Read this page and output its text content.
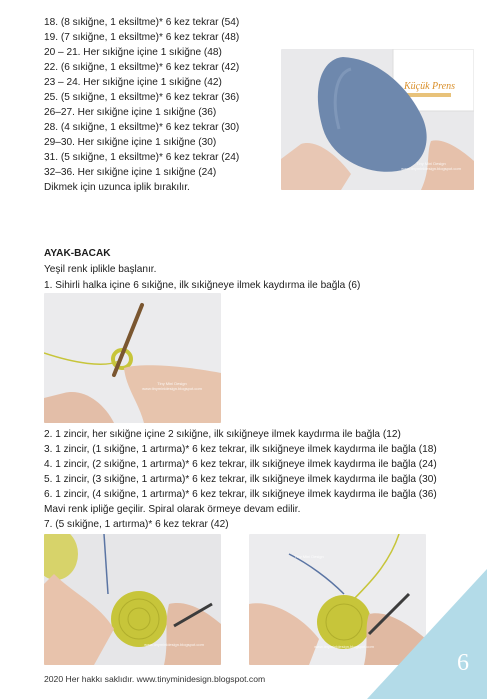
18. (8 sıkiğne, 1 eksiltme)* 6 kez tekrar (54)
19. (7 sıkiğne, 1 eksiltme)* 6 kez tekrar (48)
20 – 21. Her sıkiğne içine 1 sıkiğne (48)
22. (6 sıkiğne, 1 eksiltme)* 6 kez tekrar (42)
23 – 24. Her sıkiğne içine 1 sıkiğne (42)
25. (5 sıkiğne, 1 eksiltme)* 6 kez tekrar (36)
26–27. Her sıkiğne içine 1 sıkiğne (36)
28. (4 sıkiğne, 1 eksiltme)* 6 kez tekrar (30)
29–30. Her sıkiğne içine 1 sıkiğne (30)
31. (5 sıkiğne, 1 eksiltme)* 6 kez tekrar (24)
32–36. Her sıkiğne içine 1 sıkiğne (24)
Dikmek için uzunca iplik bırakılır.
Küçük Prens
Tiny Mini Design
www.tinyminidesign.blogspot.com
AYAK-BACAK
Yeşil renk iplikle başlanır.
1. Sihirli halka içine 6 sıkiğne, ilk sıkiğneye ilmek kaydırma ile bağla (6)
Tiny Mini Design
www.tinyminidesign.blogspot.com
2. 1 zincir, her sıkiğne içine 2 sıkiğne, ilk sıkiğneye ilmek kaydırma ile bağla (12)
3. 1 zincir, (1 sıkiğne, 1 artırma)* 6 kez tekrar, ilk sıkiğneye ilmek kaydırma ile bağla (18)
4. 1 zincir, (2 sıkiğne, 1 artırma)* 6 kez tekrar, ilk sıkiğneye ilmek kaydırma ile bağla (24)
5. 1 zincir, (3 sıkiğne, 1 artırma)* 6 kez tekrar, ilk sıkiğneye ilmek kaydırma ile bağla (30)
6. 1 zincir, (4 sıkiğne, 1 artırma)* 6 kez tekrar, ilk sıkiğneye ilmek kaydırma ile bağla (36)
Mavi renk ipliğe geçilir. Spiral olarak örmeye devam edilir.
7. (5 sıkiğne, 1 artırma)* 6 kez tekrar (42)
www.tinyminidesign.blogspot.com
Tiny Mini Design
www.tinyminidesign.blogspot.com
6
2020 Her hakkı saklıdır. www.tinyminidesign.blogspot.com
